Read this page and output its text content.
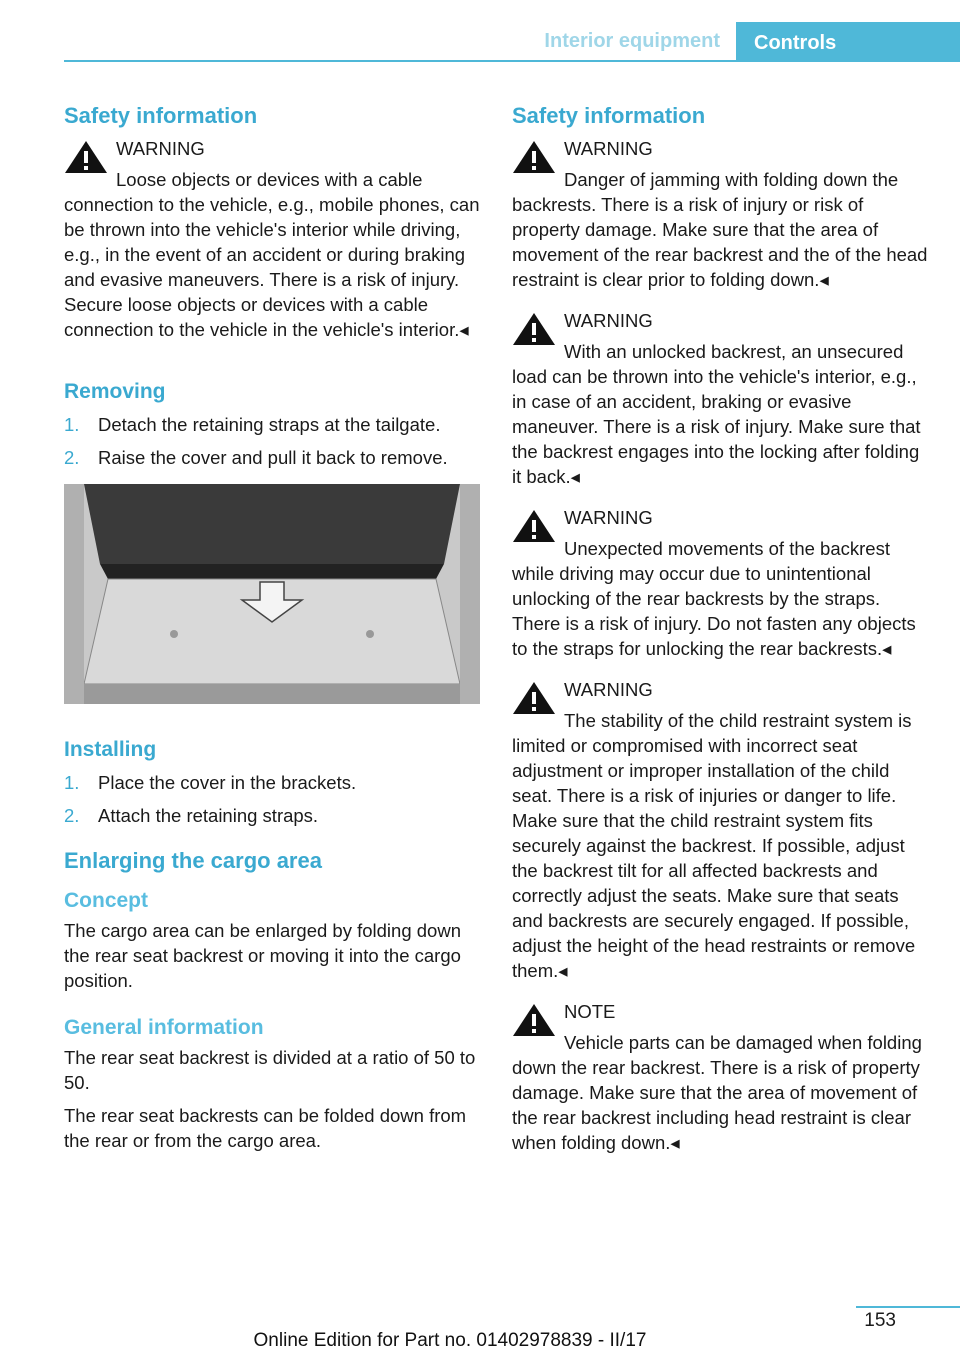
Interior equipment	Controls
Safety information
WARNING

Loose objects or devices with a cable connection to the vehicle, e.g., mobile phones, can be thrown into the vehicle's interior while driving, e.g., in the event of an accident or during braking and evasive maneuvers. There is a risk of injury. Secure loose objects or devices with a cable connection to the vehicle in the vehicle's interior.◂

Removing
1. Detach the retaining straps at the tailgate.
2. Raise the cover and pull it back to remove.
Installing
1. Place the cover in the brackets.
2. Attach the retaining straps.
Enlarging the cargo area
Concept

The cargo area can be enlarged by folding down the rear seat backrest or moving it into the cargo position.

General information

The rear seat backrest is divided at a ratio of 50 to 50.

The rear seat backrests can be folded down from the rear or from the cargo area.

Safety information
WARNING

Danger of jamming with folding down the backrests. There is a risk of injury or risk of property damage. Make sure that the area of movement of the rear backrest and the of the head restraint is clear prior to folding down.◂

WARNING

With an unlocked backrest, an unsecured load can be thrown into the vehicle's interior, e.g., in case of an accident, braking or evasive maneuver. There is a risk of injury. Make sure that the backrest engages into the locking after folding it back.◂

WARNING

Unexpected movements of the backrest while driving may occur due to unintentional unlocking of the rear backrests by the straps. There is a risk of injury. Do not fasten any objects to the straps for unlocking the rear backrests.◂

WARNING

The stability of the child restraint system is limited or compromised with incorrect seat adjustment or improper installation of the child seat. There is a risk of injuries or danger to life. Make sure that the child restraint system fits securely against the backrest. If possible, adjust the backrest tilt for all affected backrests and correctly adjust the seats. Make sure that seats and backrests are securely engaged. If possible, adjust the height of the head restraints or remove them.◂

NOTE

Vehicle parts can be damaged when folding down the rear backrest. There is a risk of property damage. Make sure that the area of movement of the rear backrest including head restraint is clear when folding down.◂

153
Online Edition for Part no. 01402978839 - II/17
